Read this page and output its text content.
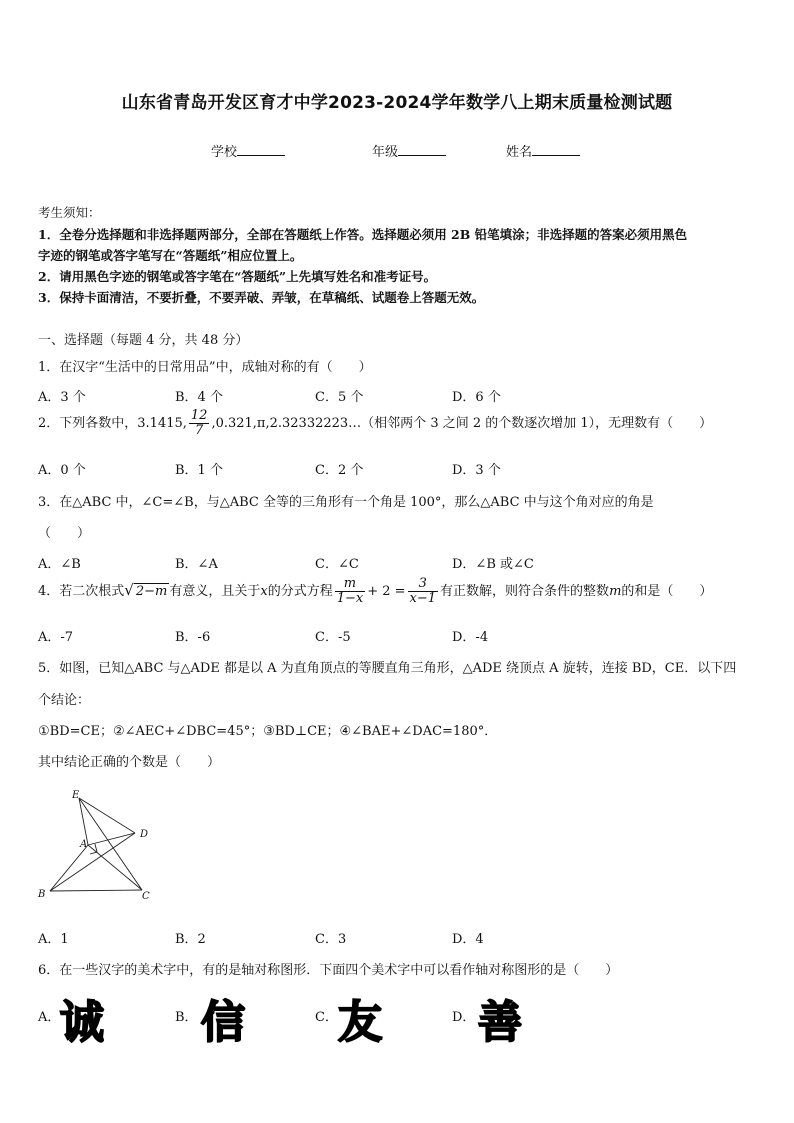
山东省青岛开发区育才中学2023-2024学年数学八上期末质量检测试题
学校	年级	姓名
考生须知：
1．全卷分选择题和非选择题两部分，全部在答题纸上作答。选择题必须用 2B 铅笔填涂；非选择题的答案必须用黑色
字迹的钢笔或答字笔写在“答题纸”相应位置上。
2．请用黑色字迹的钢笔或答字笔在“答题纸”上先填写姓名和准考证号。
3．保持卡面清洁，不要折叠，不要弄破、弄皱，在草稿纸、试题卷上答题无效。
一、选择题（每题 4 分，共 48 分）
1．在汉字“生活中的日常用品”中，成轴对称的有（　　）
A．3 个	B．4 个	C．5 个	D．6 个
2．下列各数中，3.1415, $\frac{12}{7}$ ,0.321,π,2.32332223…（相邻两个 3 之间 2 的个数逐次增加 1），无理数有（　　）
A．0 个	B．1 个	C．2 个	D．3 个
3．在△ABC 中，∠C=∠B，与△ABC 全等的三角形有一个角是 100°，那么△ABC 中与这个角对应的角是
（　　）
A．∠B	B．∠A	C．∠C	D．∠B 或∠C
4．若二次根式√ 2−m 有意义，且关于x的分式方程 $\frac{m}{1-x} + 2 = \frac{3}{x-1}$ 有正数解，则符合条件的整数m的和是（　　）
A．-7	B．-6	C．-5	D．-4
5．如图，已知△ABC 与△ADE 都是以 A 为直角顶点的等腰直角三角形，△ADE 绕顶点 A 旋转，连接 BD，CE．以下四
个结论：
①BD=CE；②∠AEC+∠DBC=45°；③BD⊥CE；④∠BAE+∠DAC=180°．
其中结论正确的个数是（　　）
E
D
A
B	C
A．1	B．2	C．3	D．4
6．在一些汉字的美术字中，有的是轴对称图形．下面四个美术字中可以看作轴对称图形的是（　　）
A． 诚	B． 信	C． 友	D． 善
